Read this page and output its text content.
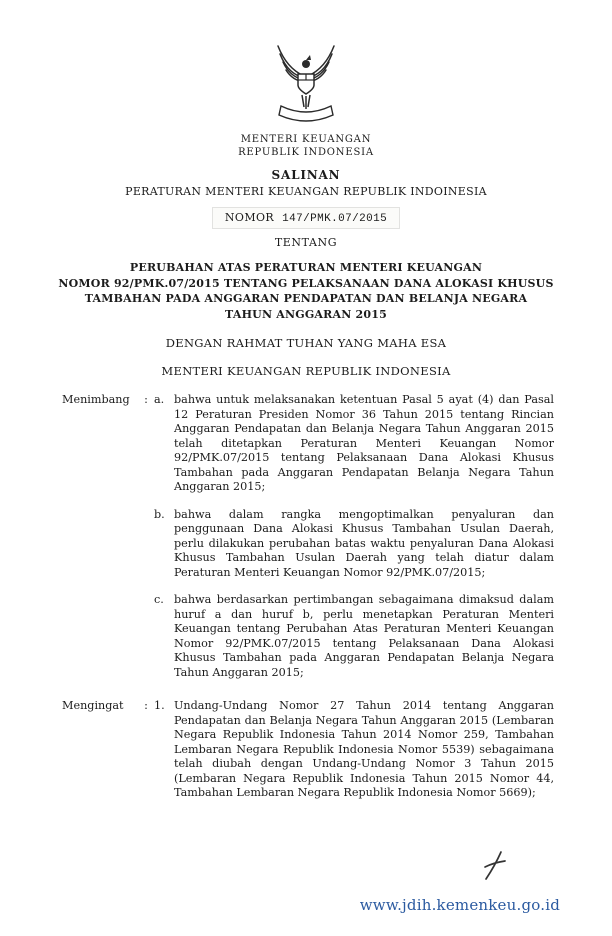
MENTERI KEUANGAN
REPUBLIK INDONESIA
SALINAN
PERATURAN MENTERI KEUANGAN REPUBLIK INDOINESIA
NOMOR 147/PMK.07/2015
TENTANG
PERUBAHAN ATAS PERATURAN MENTERI KEUANGAN
NOMOR 92/PMK.07/2015 TENTANG PELAKSANAAN DANA ALOKASI KHUSUS
TAMBAHAN PADA ANGGARAN PENDAPATAN DAN BELANJA NEGARA
TAHUN ANGGARAN 2015
DENGAN RAHMAT TUHAN YANG MAHA ESA
MENTERI KEUANGAN REPUBLIK INDONESIA
Menimbang	: a. bahwa untuk melaksanakan ketentuan Pasal 5 ayat (4) dan Pasal 12 Peraturan Presiden Nomor 36 Tahun 2015 tentang Rincian Anggaran Pendapatan dan Belanja Negara Tahun Anggaran 2015 telah ditetapkan Peraturan Menteri Keuangan Nomor 92/PMK.07/2015 tentang Pelaksanaan Dana Alokasi Khusus Tambahan pada Anggaran Pendapatan Belanja Negara Tahun Anggaran 2015;
b. bahwa dalam rangka mengoptimalkan penyaluran dan penggunaan Dana Alokasi Khusus Tambahan Usulan Daerah, perlu dilakukan perubahan batas waktu penyaluran Dana Alokasi Khusus Tambahan Usulan Daerah yang telah diatur dalam Peraturan Menteri Keuangan Nomor 92/PMK.07/2015;
c. bahwa berdasarkan pertimbangan sebagaimana dimaksud dalam huruf a dan huruf b, perlu menetapkan Peraturan Menteri Keuangan tentang Perubahan Atas Peraturan Menteri Keuangan Nomor 92/PMK.07/2015 tentang Pelaksanaan Dana Alokasi Khusus Tambahan pada Anggaran Pendapatan Belanja Negara Tahun Anggaran 2015;
Mengingat	: 1. Undang-Undang Nomor 27 Tahun 2014 tentang Anggaran Pendapatan dan Belanja Negara Tahun Anggaran 2015 (Lembaran Negara Republik Indonesia Tahun 2014 Nomor 259, Tambahan Lembaran Negara Republik Indonesia Nomor 5539) sebagaimana telah diubah dengan Undang-Undang Nomor 3 Tahun 2015 (Lembaran Negara Republik Indonesia Tahun 2015 Nomor 44, Tambahan Lembaran Negara Republik Indonesia Nomor 5669);
www.jdih.kemenkeu.go.id
